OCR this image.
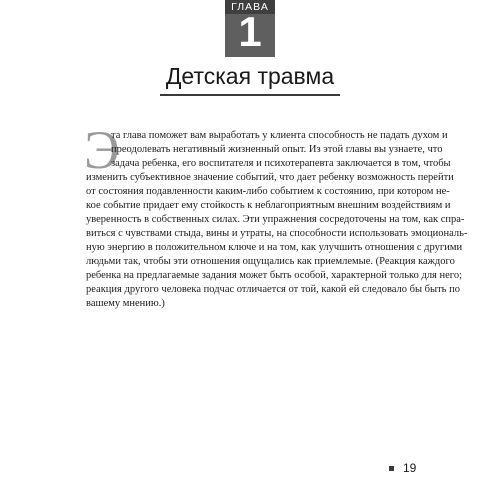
ГЛАВА
1
Детская травма
Э
та глава поможет вам выработать у клиента способность не падать духом и
преодолевать негативный жизненный опыт. Из этой главы вы узнаете, что
задача ребенка, его воспитателя и психотерапевта заключается в том, чтобы
изменить субъективное значение событий, что дает ребенку возможность перейти
от состояния подавленности каким-либо событием к состоянию, при котором не-
кое событие придает ему стойкость к неблагоприятным внешним воздействиям и
уверенность в собственных силах. Эти упражнения сосредоточены на том, как спра-
виться с чувствами стыда, вины и утраты, на способности использовать эмоциональ-
ную энергию в положительном ключе и на том, как улучшить отношения с другими
людьми так, чтобы эти отношения ощущались как приемлемые. (Реакция каждого
ребенка на предлагаемые задания может быть особой, характерной только для него;
реакция другого человека подчас отличается от той, какой ей следовало бы быть по
вашему мнению.)
19
